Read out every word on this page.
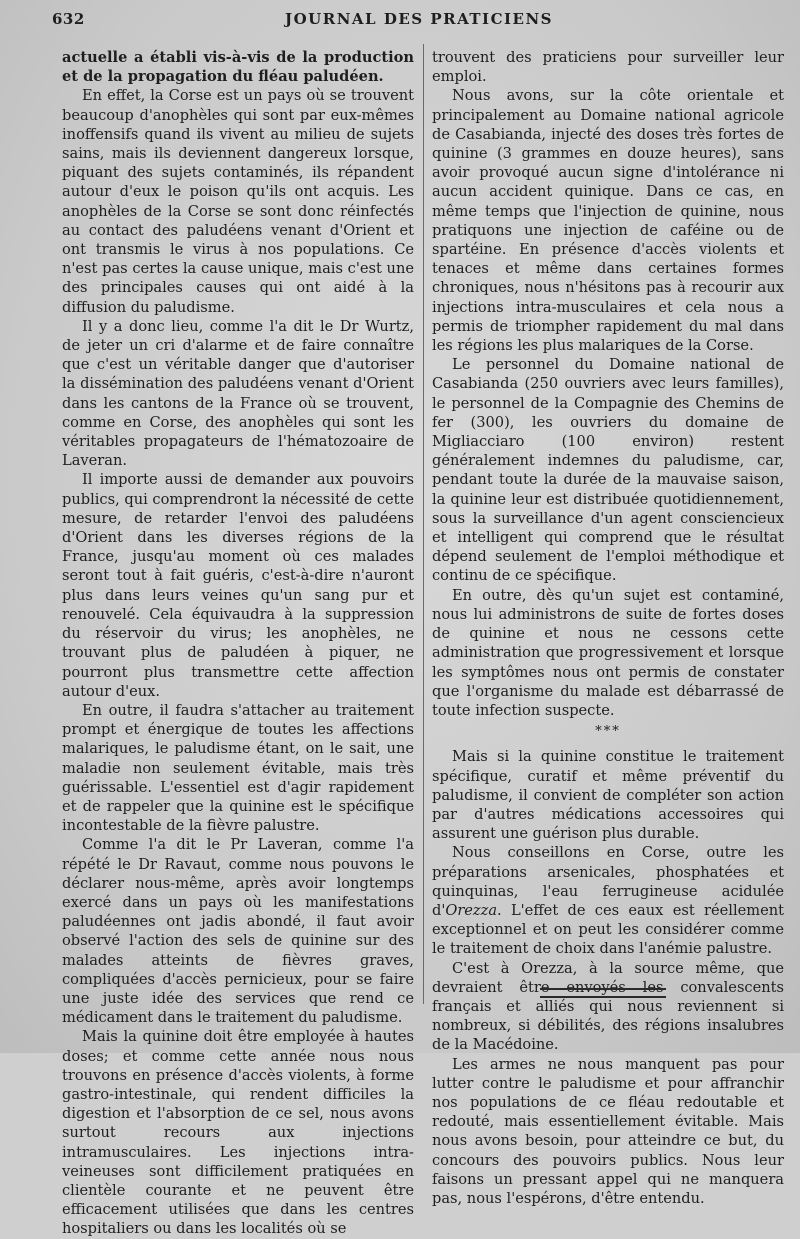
632	JOURNAL DES PRATICIENS

actuelle a établi vis-à-vis de la production et de la propagation du fléau paludéen.

En effet, la Corse est un pays où se trouvent beaucoup d'anophèles qui sont par eux-mêmes inoffensifs quand ils vivent au milieu de sujets sains, mais ils deviennent dangereux lorsque, piquant des sujets contaminés, ils répandent autour d'eux le poison qu'ils ont acquis. Les anophèles de la Corse se sont donc réinfectés au contact des paludéens venant d'Orient et ont transmis le virus à nos populations. Ce n'est pas certes la cause unique, mais c'est une des principales causes qui ont aidé à la diffusion du paludisme.

Il y a donc lieu, comme l'a dit le Dr Wurtz, de jeter un cri d'alarme et de faire connaître que c'est un véritable danger que d'autoriser la dissémination des paludéens venant d'Orient dans les cantons de la France où se trouvent, comme en Corse, des anophèles qui sont les véritables propagateurs de l'hématozoaire de Laveran.

Il importe aussi de demander aux pouvoirs publics, qui comprendront la nécessité de cette mesure, de retarder l'envoi des paludéens d'Orient dans les diverses régions de la France, jusqu'au moment où ces malades seront tout à fait guéris, c'est-à-dire n'auront plus dans leurs veines qu'un sang pur et renouvelé. Cela équivaudra à la suppression du réservoir du virus; les anophèles, ne trouvant plus de paludéen à piquer, ne pourront plus transmettre cette affection autour d'eux.

En outre, il faudra s'attacher au traitement prompt et énergique de toutes les affections malariques, le paludisme étant, on le sait, une maladie non seulement évitable, mais très guérissable. L'essentiel est d'agir rapidement et de rappeler que la quinine est le spécifique incontestable de la fièvre palustre.

Comme l'a dit le Pr Laveran, comme l'a répété le Dr Ravaut, comme nous pouvons le déclarer nous-même, après avoir longtemps exercé dans un pays où les manifestations paludéennes ont jadis abondé, il faut avoir observé l'action des sels de quinine sur des malades atteints de fièvres graves, compliquées d'accès pernicieux, pour se faire une juste idée des services que rend ce médicament dans le traitement du paludisme.

Mais la quinine doit être employée à hautes doses; et comme cette année nous nous trouvons en présence d'accès violents, à forme gastro-intestinale, qui rendent difficiles la digestion et l'absorption de ce sel, nous avons surtout recours aux injections intramusculaires. Les injections intra-veineuses sont difficilement pratiquées en clientèle courante et ne peuvent être efficacement utilisées que dans les centres hospitaliers ou dans les localités où se

trouvent des praticiens pour surveiller leur emploi.

Nous avons, sur la côte orientale et principalement au Domaine national agricole de Casabianda, injecté des doses très fortes de quinine (3 grammes en douze heures), sans avoir provoqué aucun signe d'intolérance ni aucun accident quinique. Dans ce cas, en même temps que l'injection de quinine, nous pratiquons une injection de caféine ou de spartéine. En présence d'accès violents et tenaces et même dans certaines formes chroniques, nous n'hésitons pas à recourir aux injections intra-musculaires et cela nous a permis de triompher rapidement du mal dans les régions les plus malariques de la Corse.

Le personnel du Domaine national de Casabianda (250 ouvriers avec leurs familles), le personnel de la Compagnie des Chemins de fer (300), les ouvriers du domaine de Migliacciaro (100 environ) restent généralement indemnes du paludisme, car, pendant toute la durée de la mauvaise saison, la quinine leur est distribuée quotidiennement, sous la surveillance d'un agent consciencieux et intelligent qui comprend que le résultat dépend seulement de l'emploi méthodique et continu de ce spécifique.

En outre, dès qu'un sujet est contaminé, nous lui administrons de suite de fortes doses de quinine et nous ne cessons cette administration que progressivement et lorsque les symptômes nous ont permis de constater que l'organisme du malade est débarrassé de toute infection suspecte.

***

Mais si la quinine constitue le traitement spécifique, curatif et même préventif du paludisme, il convient de compléter son action par d'autres médications accessoires qui assurent une guérison plus durable.

Nous conseillons en Corse, outre les préparations arsenicales, phosphatées et quinquinas, l'eau ferrugineuse acidulée d'Orezza. L'effet de ces eaux est réellement exceptionnel et on peut les considérer comme le traitement de choix dans l'anémie palustre.

C'est à Orezza, à la source même, que devraient être envoyés les convalescents français et alliés qui nous reviennent si nombreux, si débilités, des régions insalubres de la Macédoine.

Les armes ne nous manquent pas pour lutter contre le paludisme et pour affranchir nos populations de ce fléau redoutable et redouté, mais essentiellement évitable. Mais nous avons besoin, pour atteindre ce but, du concours des pouvoirs publics. Nous leur faisons un pressant appel qui ne manquera pas, nous l'espérons, d'être entendu.
